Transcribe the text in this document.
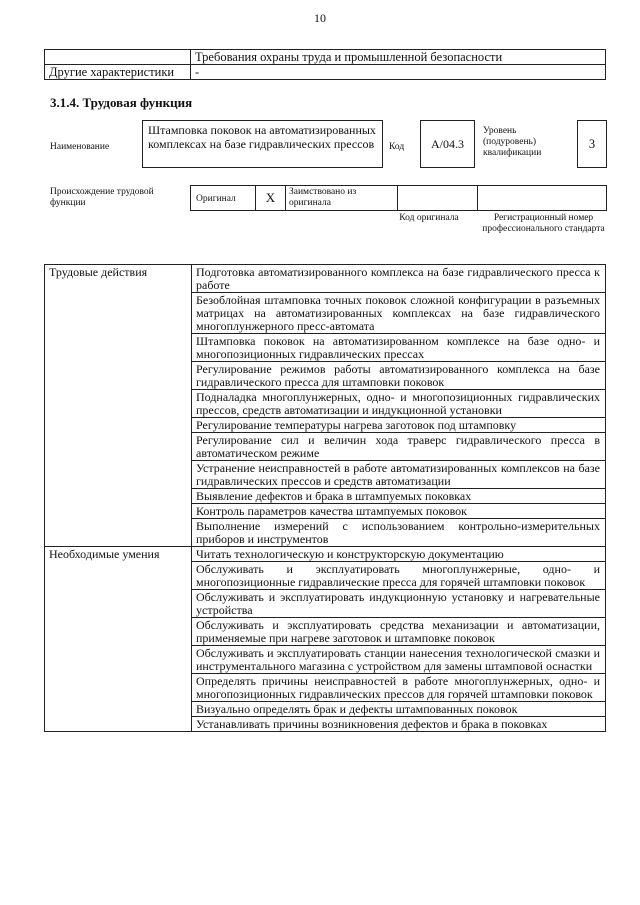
10
	Требования охраны труда и промышленной безопасности
Другие характеристики	-
3.1.4. Трудовая функция
Наименование
Штамповка поковок на автоматизированных комплексах на базе гидравлических прессов	Код	А/04.3
Уровень (подуровень) квалификации
3
Происхождение трудовой функции	Оригинал	X	Заимствовано из оригинала
Код оригинала	Регистрационный номер профессионального стандарта
Трудовые действия	Подготовка автоматизированного комплекса на базе гидравлического пресса к работе
	Безоблойная штамповка точных поковок сложной конфигурации в разъемных матрицах на автоматизированных комплексах на базе гидравлического многоплунжерного пресс-автомата
	Штамповка поковок на автоматизированном комплексе на базе одно- и многопозиционных гидравлических прессах
	Регулирование режимов работы автоматизированного комплекса на базе гидравлического пресса для штамповки поковок
	Подналадка многоплунжерных, одно- и многопозиционных гидравлических прессов, средств автоматизации и индукционной установки
	Регулирование температуры нагрева заготовок под штамповку
	Регулирование сил и величин хода траверс гидравлического пресса в автоматическом режиме
	Устранение неисправностей в работе автоматизированных комплексов на базе гидравлических прессов и средств автоматизации
	Выявление дефектов и брака в штампуемых поковках
	Контроль параметров качества штампуемых поковок
	Выполнение измерений с использованием контрольно-измерительных приборов и инструментов
Необходимые умения	Читать технологическую и конструкторскую документацию
	Обслуживать и эксплуатировать многоплунжерные, одно- и многопозиционные гидравлические пресса для горячей штамповки поковок
	Обслуживать и эксплуатировать индукционную установку и нагревательные устройства
	Обслуживать и эксплуатировать средства механизации и автоматизации, применяемые при нагреве заготовок и штамповке поковок
	Обслуживать и эксплуатировать станции нанесения технологической смазки и инструментального магазина с устройством для замены штамповой оснастки
	Определять причины неисправностей в работе многоплунжерных, одно- и многопозиционных гидравлических прессов для горячей штамповки поковок
	Визуально определять брак и дефекты штампованных поковок
	Устанавливать причины возникновения дефектов и брака в поковках
